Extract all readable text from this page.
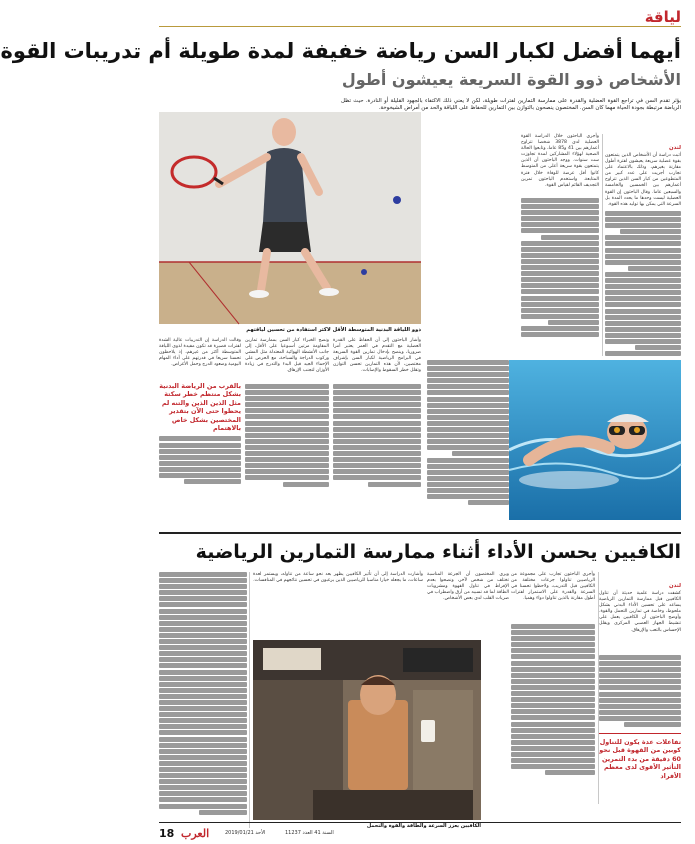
لياقة
أيهما أفضل لكبار السن رياضة خفيفة لمدة طويلة أم تدريبات القوة
الأشخاص ذوو القوة السريعة يعيشون أطول
يؤثر تقدم السن في تراجع القوة العضلية والقدرة على ممارسة التمارين لفترات طويلة، لكن لا يعني ذلك الاكتفاء بالجهود القليلة أو النادرة. حيث تظل الرياضة مرتبطة بجودة الحياة مهما كان السن. المختصون ينصحون بالتوازن بين التمارين للحفاظ على اللياقة والحد من أمراض الشيخوخة.
لندن
أثبت دراسة أن الأشخاص الذين يتمتعون بقوة عضلية سريعة يعيشون لفترة أطول مقارنة بغيرهم، وذلك بالاعتماد على تجارب أجريت على عدد كبير من المتطوعين من كبار السن الذين تتراوح أعمارهم بين الخمسين والخامسة والسبعين عاما. وقال الباحثون إن القوة العضلية ليست وحدها ما يحدد المدة بل السرعة التي يمكن بها توليد هذه القوة.
وأجرى الباحثون خلال الدراسة القوة العضلية لدى 3878 شخصا تتراوح أعمارهم بين 41 و85 عاما، وتابعوا الحالة الصحية لهؤلاء المشاركين لمدة تجاوزت ست سنوات. ووجد الباحثون أن الذين يتمتعون بقوة سريعة أعلى من المتوسط كانوا أقل عرضة للوفاة خلال فترة المتابعة. واستخدم الباحثون تمرين التجديف القائم لقياس القوة.
ذوو اللياقة البدنية المتوسطة الأقل لاكثر استفادة من تحسين لياقتهم
وقالت الدراسة إن التدريبات عالية الشدة لفترات قصيرة قد تكون مفيدة لذوي اللياقة المتوسطة أكثر من غيرهم، إذ يلاحظون تحسنا سريعا في قدرتهم على أداء المهام اليومية وصعود الدرج وحمل الأغراض.
بالقرب من الرياضة البدنية بشكل منتظم خطر سكتة مثل الذين الذين والتنه لم يحظوا حتى الآن بتقدير المختصين بشكل خاص بالاهتمام
ونصح الخبراء كبار السن بممارسة تمارين المقاومة مرتين أسبوعيا على الأقل، إلى جانب الأنشطة الهوائية المعتدلة مثل المشي وركوب الدراجة والسباحة، مع الحرص على الإحماء الجيد قبل البدء والتدرج في زيادة الأوزان لتجنب الإرهاق.
وأشار الباحثون إلى أن الحفاظ على القدرة العضلية مع التقدم في العمر يعتبر أمرا ضروريا، وينصح بإدخال تمارين القوة السريعة في البرامج الرياضية لكبار السن بإشراف مختصين، لأن هذه التمارين تحسن التوازن وتقلل خطر السقوط والإصابات.
الكافيين يحسن الأداء أثناء ممارسة التمارين الرياضية
لندن
كشفت دراسة علمية حديثة أن تناول الكافيين قبل ممارسة التمارين الرياضية يساعد على تحسين الأداء البدني بشكل ملحوظ، وخاصة في تمارين التحمل والقوة. وأوضح الباحثون أن الكافيين يعمل على تنشيط الجهاز العصبي المركزي ويقلل الإحساس بالتعب والإرهاق.
تفاعلات عدة يكون للتناول كوبين من القهوة قبل نحو 60 دقيقة من بدء التمرين التأثير الأقوى لدى معظم الأفراد
وأجرى الباحثون تجارب على مجموعة من الرياضيين تناولوا جرعات مختلفة من الكافيين قبل التدريب، ولاحظوا تحسنا في السرعة والقدرة على الاستمرار لفترات أطول مقارنة بالذين تناولوا دواء وهميا.
الكافيين يعزز السرعة والطاقة والقوة والتحمل
ويرى المختصون أن الجرعة المناسبة تختلف من شخص لآخر، ونصحوا بعدم الإفراط في تناول القهوة ومشروبات الطاقة لما قد تسببه من أرق واضطراب في ضربات القلب لدى بعض الأشخاص.
وأشارت الدراسة إلى أن تأثير الكافيين يظهر بعد نحو ساعة من تناوله، ويستمر لعدة ساعات، ما يجعله خيارا مناسبا للرياضيين الذين يرغبون في تحسين نتائجهم في المنافسات.
18 العرب	الأحد 2019/01/21	السنة 41 العدد 11237
